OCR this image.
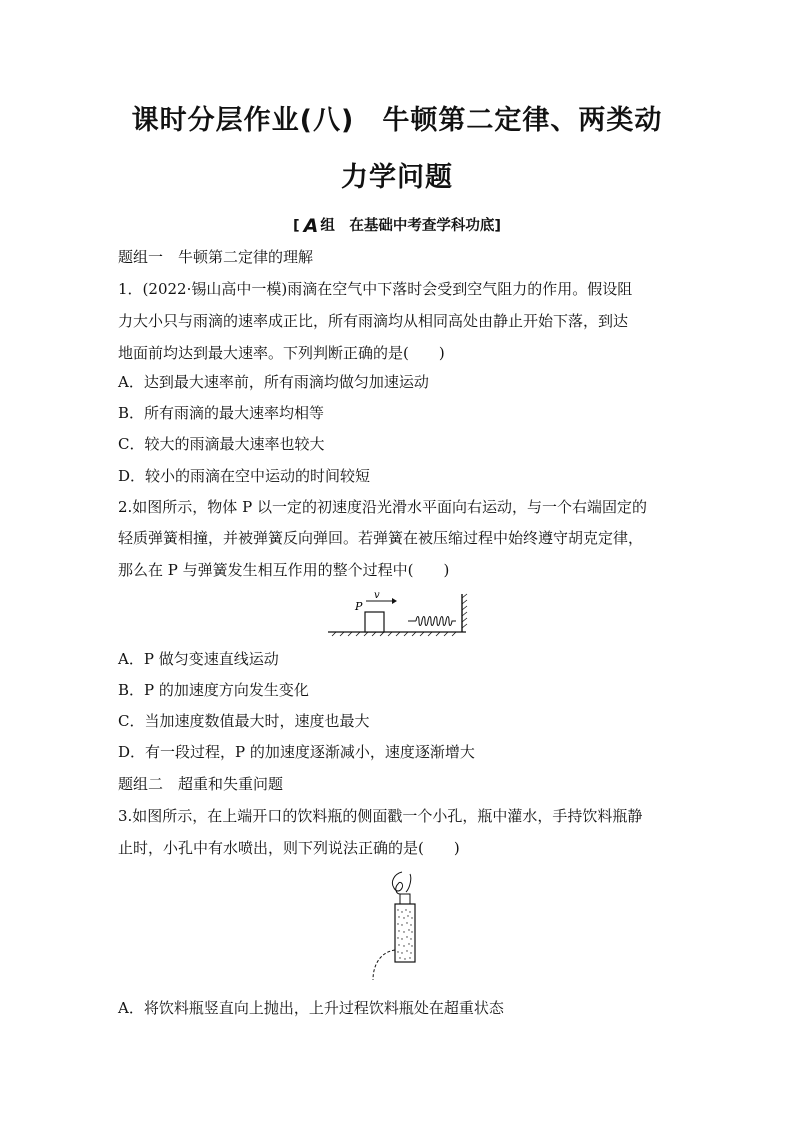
课时分层作业(八)　牛顿第二定律、两类动
力学问题
[ A 组　在基础中考查学科功底]
题组一　牛顿第二定律的理解
1．(2022·锡山高中一模)雨滴在空气中下落时会受到空气阻力的作用。假设阻
力大小只与雨滴的速率成正比，所有雨滴均从相同高处由静止开始下落，到达
地面前均达到最大速率。下列判断正确的是(　　)
A．达到最大速率前，所有雨滴均做匀加速运动
B．所有雨滴的最大速率均相等
C．较大的雨滴最大速率也较大
D．较小的雨滴在空中运动的时间较短
2.如图所示，物体 P 以一定的初速度沿光滑水平面向右运动，与一个右端固定的
轻质弹簧相撞，并被弹簧反向弹回。若弹簧在被压缩过程中始终遵守胡克定律，
那么在 P 与弹簧发生相互作用的整个过程中(　　)
P
v
A．P 做匀变速直线运动
B．P 的加速度方向发生变化
C．当加速度数值最大时，速度也最大
D．有一段过程，P 的加速度逐渐减小，速度逐渐增大
题组二　超重和失重问题
3.如图所示，在上端开口的饮料瓶的侧面戳一个小孔，瓶中灌水，手持饮料瓶静
止时，小孔中有水喷出，则下列说法正确的是(　　)
A．将饮料瓶竖直向上抛出，上升过程饮料瓶处在超重状态
